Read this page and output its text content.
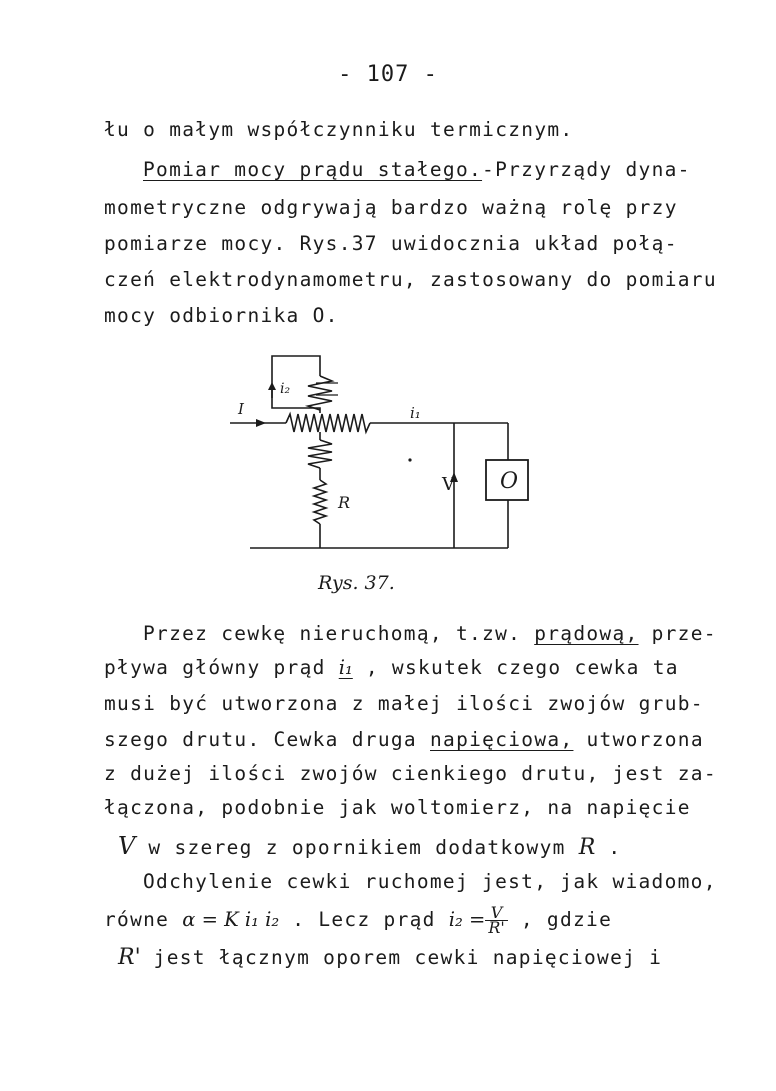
- 107 -
łu o małym współczynniku termicznym.
Pomiar mocy prądu stałego.-Przyrządy dyna-
mometryczne odgrywają bardzo ważną rolę przy
pomiarze mocy. Rys.37 uwidocznia układ połą-
czeń elektrodynamometru, zastosowany do pomiaru
mocy odbiornika O.
I	i₁
i₂
R
V O
Rys. 37.
Przez cewkę nieruchomą, t.zw. prądową, prze-
pływa główny prąd i₁ , wskutek czego cewka ta
musi być utworzona z małej ilości zwojów grub-
szego drutu. Cewka druga napięciowa, utworzona
z dużej ilości zwojów cienkiego drutu, jest za-
łączona, podobnie jak woltomierz, na napięcie
V w szereg z opornikiem dodatkowym R .
Odchylenie cewki ruchomej jest, jak wiadomo,
równe α = K i₁ i₂ . Lecz prąd $i_2 = \frac{V}{R'}$ , gdzie
R' jest łącznym oporem cewki napięciowej i
